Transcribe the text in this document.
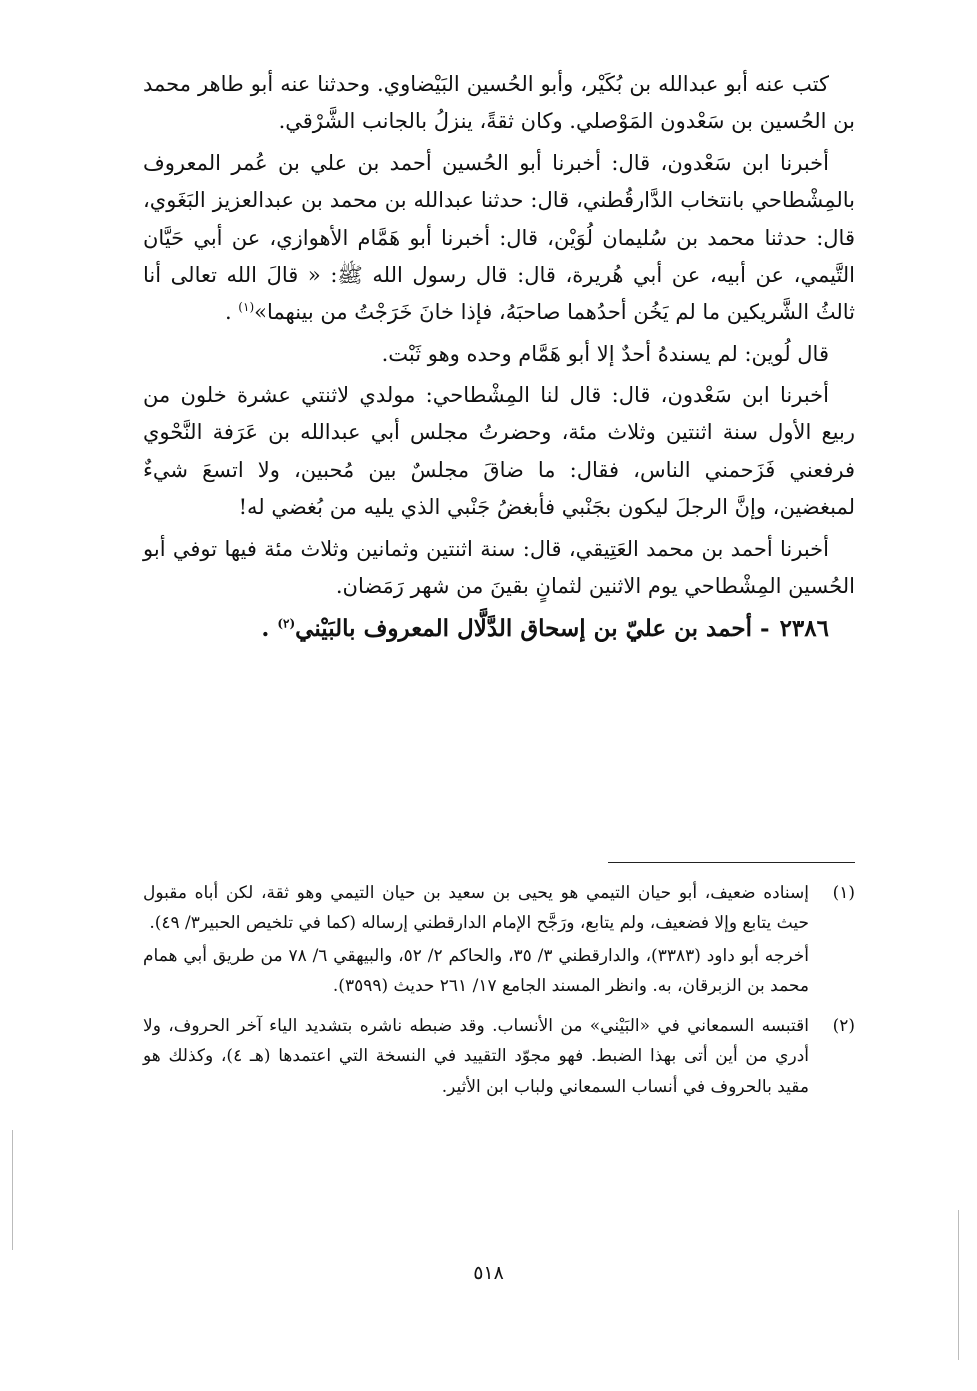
كتب عنه أبو عبدالله بن بُكَيْر، وأبو الحُسين البَيْضاوي. وحدثنا عنه أبو طاهر محمد بن الحُسين بن سَعْدون المَوْصلي. وكان ثقةً، ينزلُ بالجانب الشَّرْقي.

أخبرنا ابن سَعْدون، قال: أخبرنا أبو الحُسين أحمد بن علي بن عُمر المعروف بالمِشْطاحي بانتخاب الدَّارقُطني، قال: حدثنا عبدالله بن محمد بن عبدالعزيز البَغَوي، قال: حدثنا محمد بن سُليمان لُوَيْن، قال: أخبرنا أبو هَمَّام الأهوازي، عن أبي حَيَّان التَّيمي، عن أبيه، عن أبي هُريرة، قال: قال رسول الله ﷺ: « قالَ الله تعالى أنا ثالثُ الشَّريكين ما لم يَخُن أحدُهما صاحبَهُ، فإذا خانَ خَرَجْتُ من بينهما»$^{(١)}$ .

قال لُوين: لم يسندهُ أحدٌ إلا أبو هَمَّام وحده وهو ثَبْت.

أخبرنا ابن سَعْدون، قال: قال لنا المِشْطاحي: مولدي لاثنتي عشرة خلون من ربيع الأول سنة اثنتين وثلاث مئة، وحضرتُ مجلس أبي عبدالله بن عَرَفة النَّحْوي فرفعني فَزَحمني الناس، فقال: ما ضاقَ مجلسٌ بين مُحبين، ولا اتسعَ شيءٌ لمبغضين، وإنَّ الرجلَ ليكون بجَنْبي فأبغضُ جَنْبي الذي يليه من بُغضي له!

أخبرنا أحمد بن محمد العَتِيقي، قال: سنة اثنتين وثمانين وثلاث مئة فيها توفي أبو الحُسين المِشْطاحي يوم الاثنين لثمانٍ بقينَ من شهر رَمَضان.

٢٣٨٦- أحمد بن عليّ بن إسحاق الدَّلَّال المعروف بالبَيْني$^{(٢)}$ .

(١)

إسناده ضعيف، أبو حيان التيمي هو يحيى بن سعيد بن حيان التيمي وهو ثقة، لكن أباه مقبول حيث يتابع وإلا فضعيف، ولم يتابع، ورَجَّح الإمام الدارقطني إرساله (كما في تلخيص الحبير٣/ ٤٩).

أخرجه أبو داود (٣٣٨٣)، والدارقطني ٣/ ٣٥، والحاكم ٢/ ٥٢، والبيهقي ٦/ ٧٨ من طريق أبي همام محمد بن الزبرقان، به. وانظر المسند الجامع ١٧/ ٢٦١ حديث (٣٥٩٩).

(٢)

اقتبسه السمعاني في «البَيْني» من الأنساب. وقد ضبطه ناشره بتشديد الياء آخر الحروف، ولا أدري من أين أتى بهذا الضبط. فهو مجوّد التقييد في النسخة التي اعتمدها (هـ ٤)، وكذلك هو مقيد بالحروف في أنساب السمعاني ولباب ابن الأثير.

٥١٨
